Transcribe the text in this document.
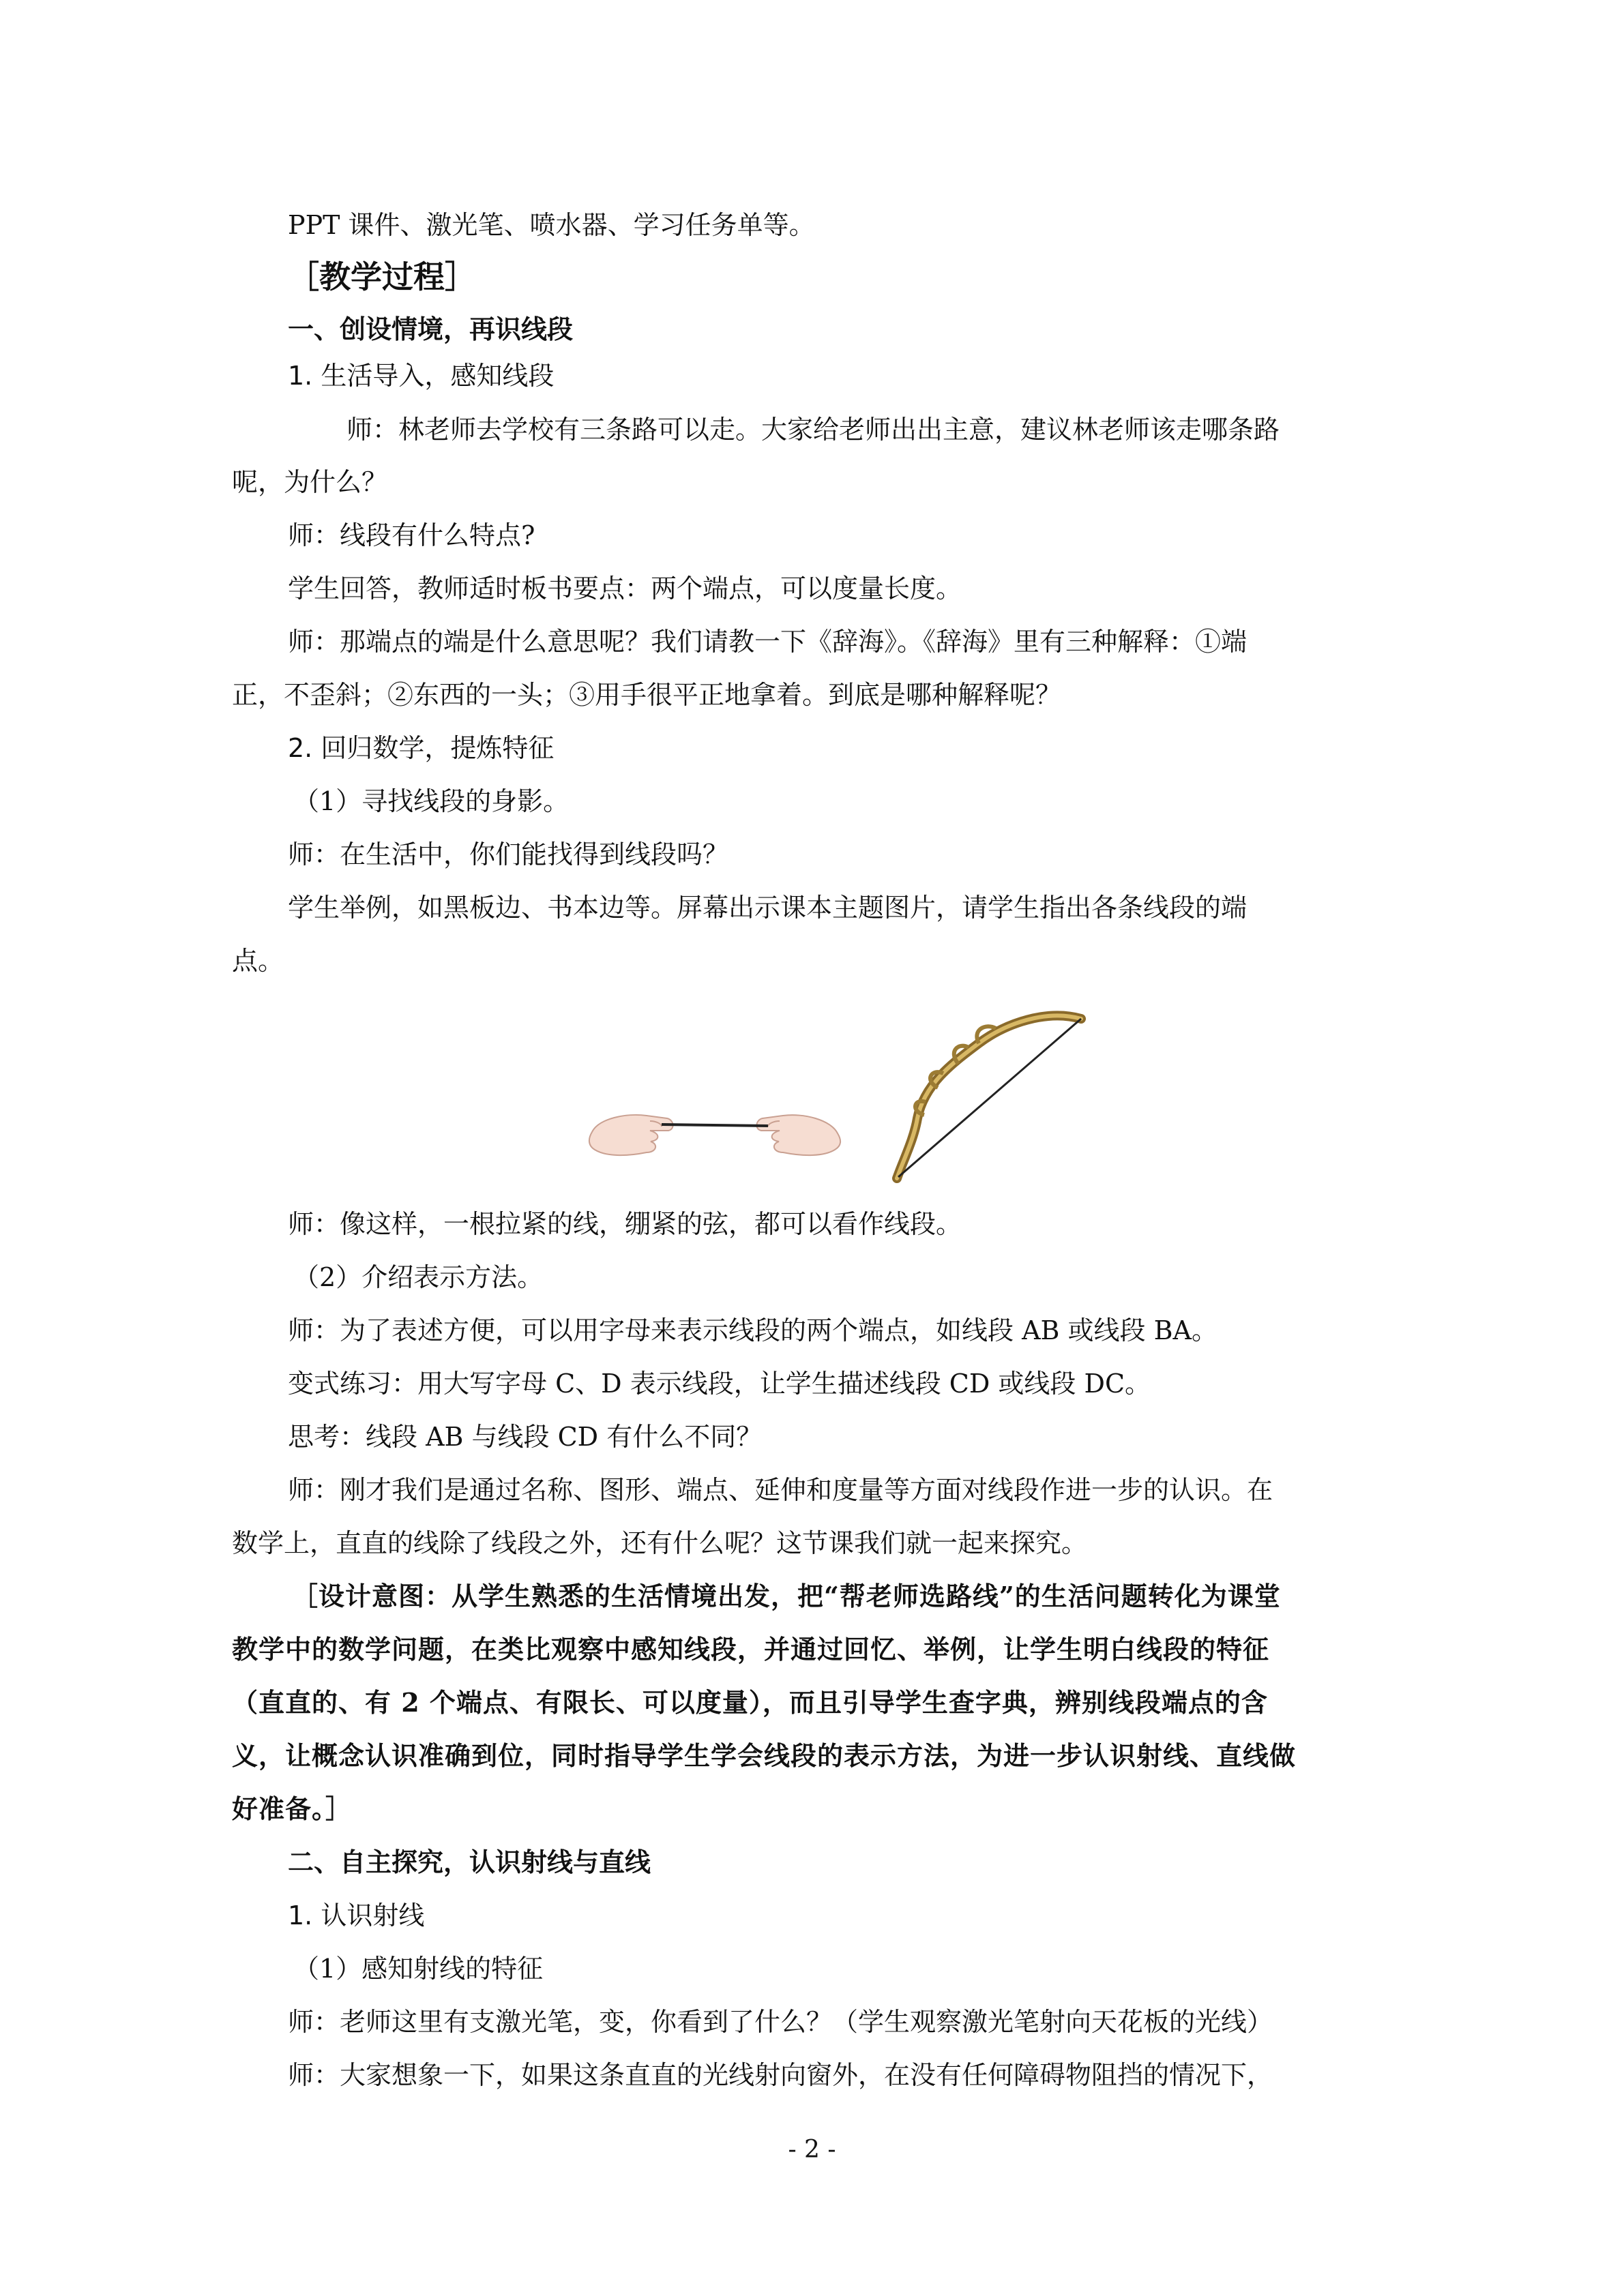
PPT 课件、激光笔、喷水器、学习任务单等。
［教学过程］
一、创设情境，再识线段
1. 生活导入，感知线段
师：林老师去学校有三条路可以走。大家给老师出出主意，建议林老师该走哪条路
呢，为什么？
师：线段有什么特点?
学生回答，教师适时板书要点：两个端点，可以度量长度。
师：那端点的端是什么意思呢？我们请教一下《辞海》。《辞海》里有三种解释：①端
正，不歪斜；②东西的一头；③用手很平正地拿着。到底是哪种解释呢？
2. 回归数学，提炼特征
（1）寻找线段的身影。
师：在生活中，你们能找得到线段吗？
学生举例，如黑板边、书本边等。屏幕出示课本主题图片，请学生指出各条线段的端
点。
师：像这样，一根拉紧的线，绷紧的弦，都可以看作线段。
（2）介绍表示方法。
师：为了表述方便，可以用字母来表示线段的两个端点，如线段 AB 或线段 BA。
变式练习：用大写字母 C、D 表示线段，让学生描述线段 CD 或线段 DC。
思考：线段 AB 与线段 CD 有什么不同？
师：刚才我们是通过名称、图形、端点、延伸和度量等方面对线段作进一步的认识。在
数学上，直直的线除了线段之外，还有什么呢？这节课我们就一起来探究。
［设计意图：从学生熟悉的生活情境出发，把“帮老师选路线”的生活问题转化为课堂
教学中的数学问题，在类比观察中感知线段，并通过回忆、举例，让学生明白线段的特征
（直直的、有 2 个端点、有限长、可以度量），而且引导学生查字典，辨别线段端点的含
义，让概念认识准确到位，同时指导学生学会线段的表示方法，为进一步认识射线、直线做
好准备。］
二、自主探究，认识射线与直线
1. 认识射线
（1）感知射线的特征
师：老师这里有支激光笔，变，你看到了什么？（学生观察激光笔射向天花板的光线）
师：大家想象一下，如果这条直直的光线射向窗外，在没有任何障碍物阻挡的情况下，
- 2 -
